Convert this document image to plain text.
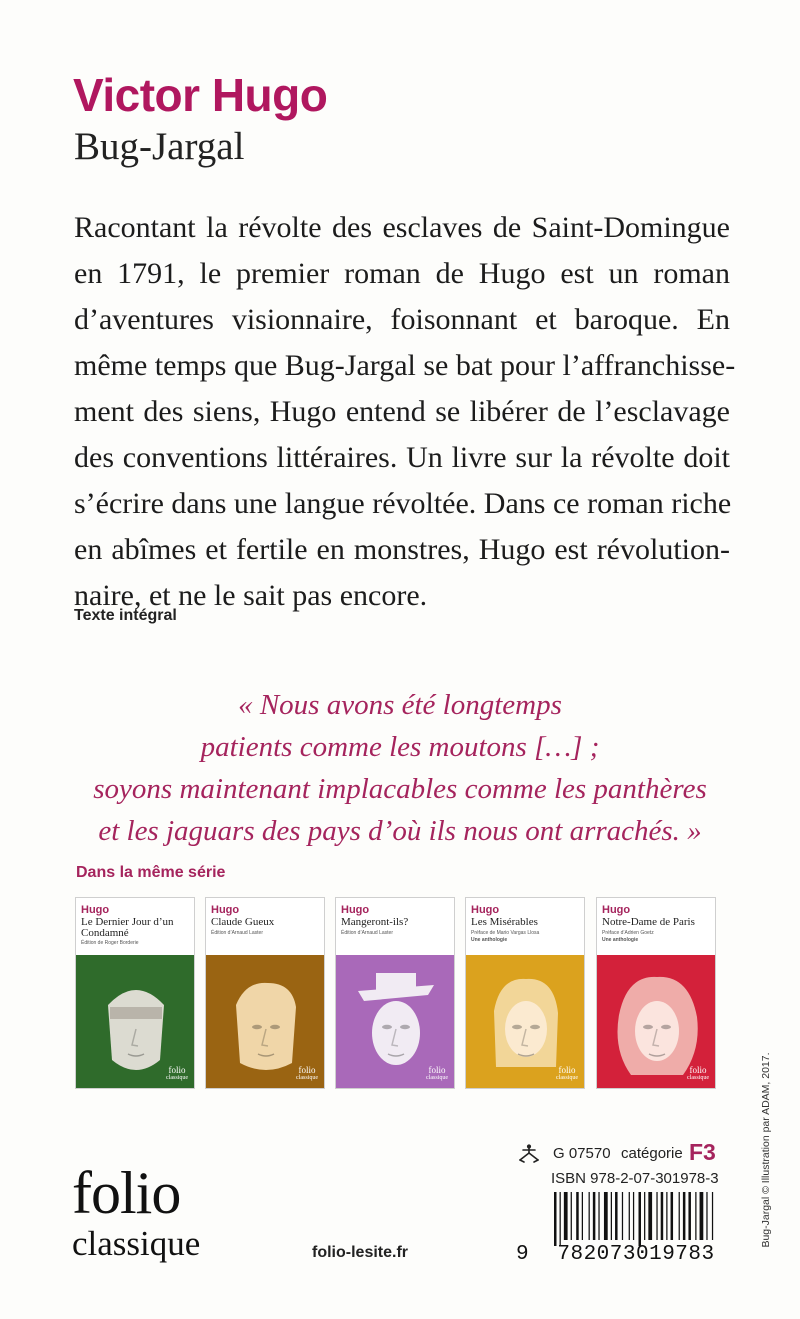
Victor Hugo
Bug-Jargal
Racontant la révolte des esclaves de Saint-Domingue
en 1791, le premier roman de Hugo est un roman
d’aventures visionnaire, foisonnant et baroque. En
même temps que Bug-Jargal se bat pour l’affranchisse-
ment des siens, Hugo entend se libérer de l’esclavage
des conventions littéraires. Un livre sur la révolte doit
s’écrire dans une langue révoltée. Dans ce roman riche
en abîmes et fertile en monstres, Hugo est révolution-
naire, et ne le sait pas encore.
Texte intégral
« Nous avons été longtemps
patients comme les moutons […] ;
soyons maintenant implacables comme les panthères
et les jaguars des pays d’où ils nous ont arrachés. »
Dans la même série
Hugo
Le Dernier Jour d’un Condamné
Édition de Roger Borderie
folio
classique
Hugo
Claude Gueux
Édition d’Arnaud Laster
folio
classique
Hugo
Mangeront-ils?
Édition d’Arnaud Laster
folio
classique
Hugo
Les Misérables
Préface de Mario Vargas Llosa
Une anthologie
folio
classique
Hugo
Notre-Dame de Paris
Préface d’Adrien Goetz
Une anthologie
folio
classique	Bug-Jargal © Illustration par ADAM, 2017.
G 07570 catégorie F3
ISBN 978-2-07-301978-3
9 782073019783
folio
classique	folio-lesite.fr
